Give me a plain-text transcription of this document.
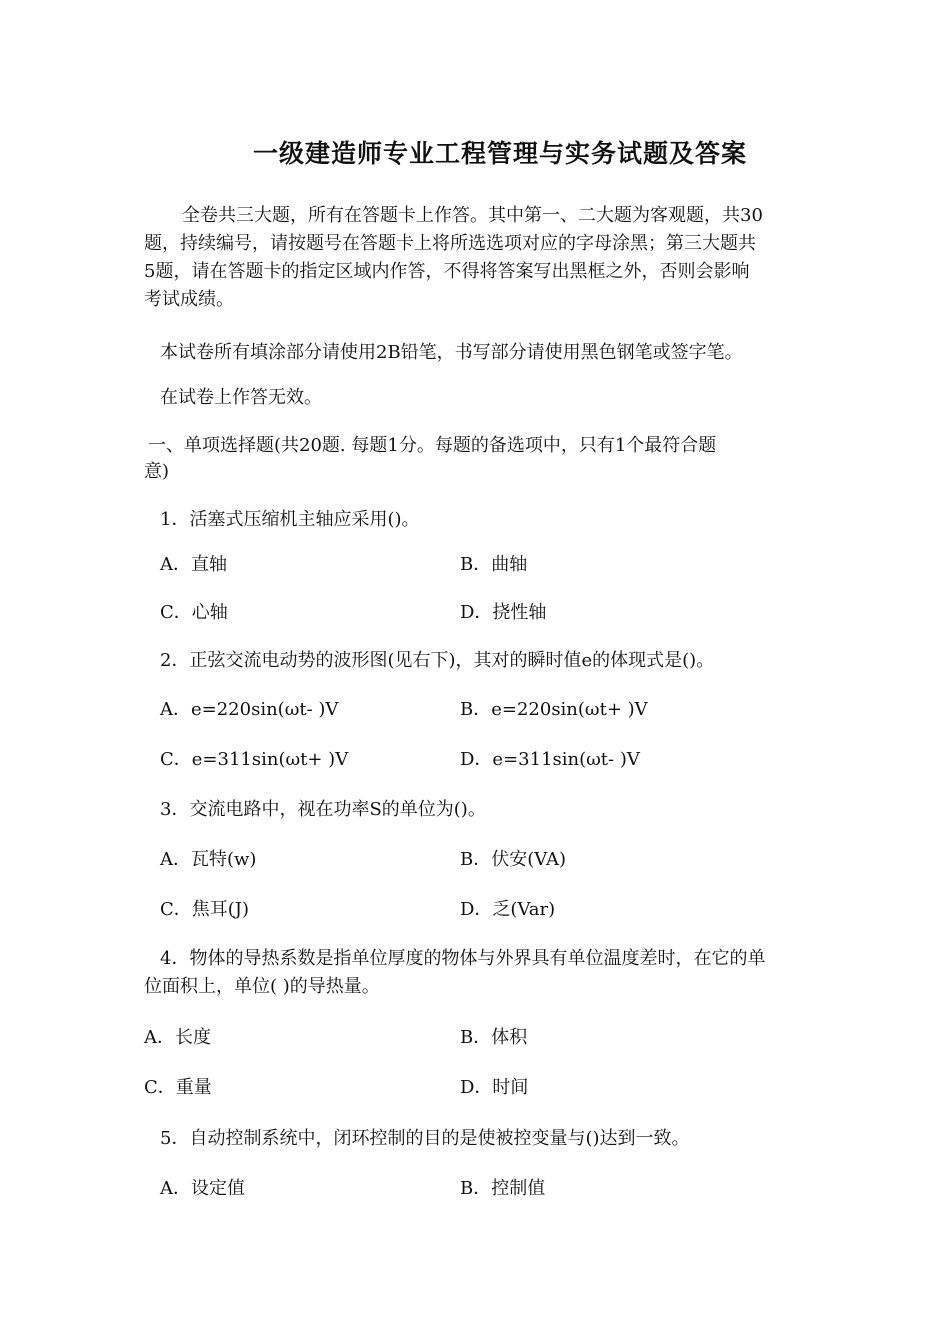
一级建造师专业工程管理与实务试题及答案
全卷共三大题，所有在答题卡上作答。其中第一、二大题为客观题，共30
题，持续编号，请按题号在答题卡上将所选选项对应的字母涂黑；第三大题共
5题，请在答题卡的指定区域内作答，不得将答案写出黑框之外，否则会影响
考试成绩。
本试卷所有填涂部分请使用2B铅笔，书写部分请使用黑色钢笔或签字笔。
在试卷上作答无效。
一、单项选择题(共20题. 每题1分。每题的备选项中，只有1个最符合题
意)
1．活塞式压缩机主轴应采用()。
A．直轴	B．曲轴
C．心轴	D．挠性轴
2．正弦交流电动势的波形图(见右下)，其对的瞬时值e的体现式是()。
A．e=220sin(ωt- )V	B．e=220sin(ωt+ )V
C．e=311sin(ωt+ )V	D．e=311sin(ωt- )V
3．交流电路中，视在功率S的单位为()。
A．瓦特(w)	B．伏安(VA)
C．焦耳(J)	D．乏(Var)
4．物体的导热系数是指单位厚度的物体与外界具有单位温度差时，在它的单
位面积上，单位( )的导热量。
A．长度	B．体积
C．重量	D．时间
5．自动控制系统中，闭环控制的目的是使被控变量与()达到一致。
A．设定值	B．控制值
